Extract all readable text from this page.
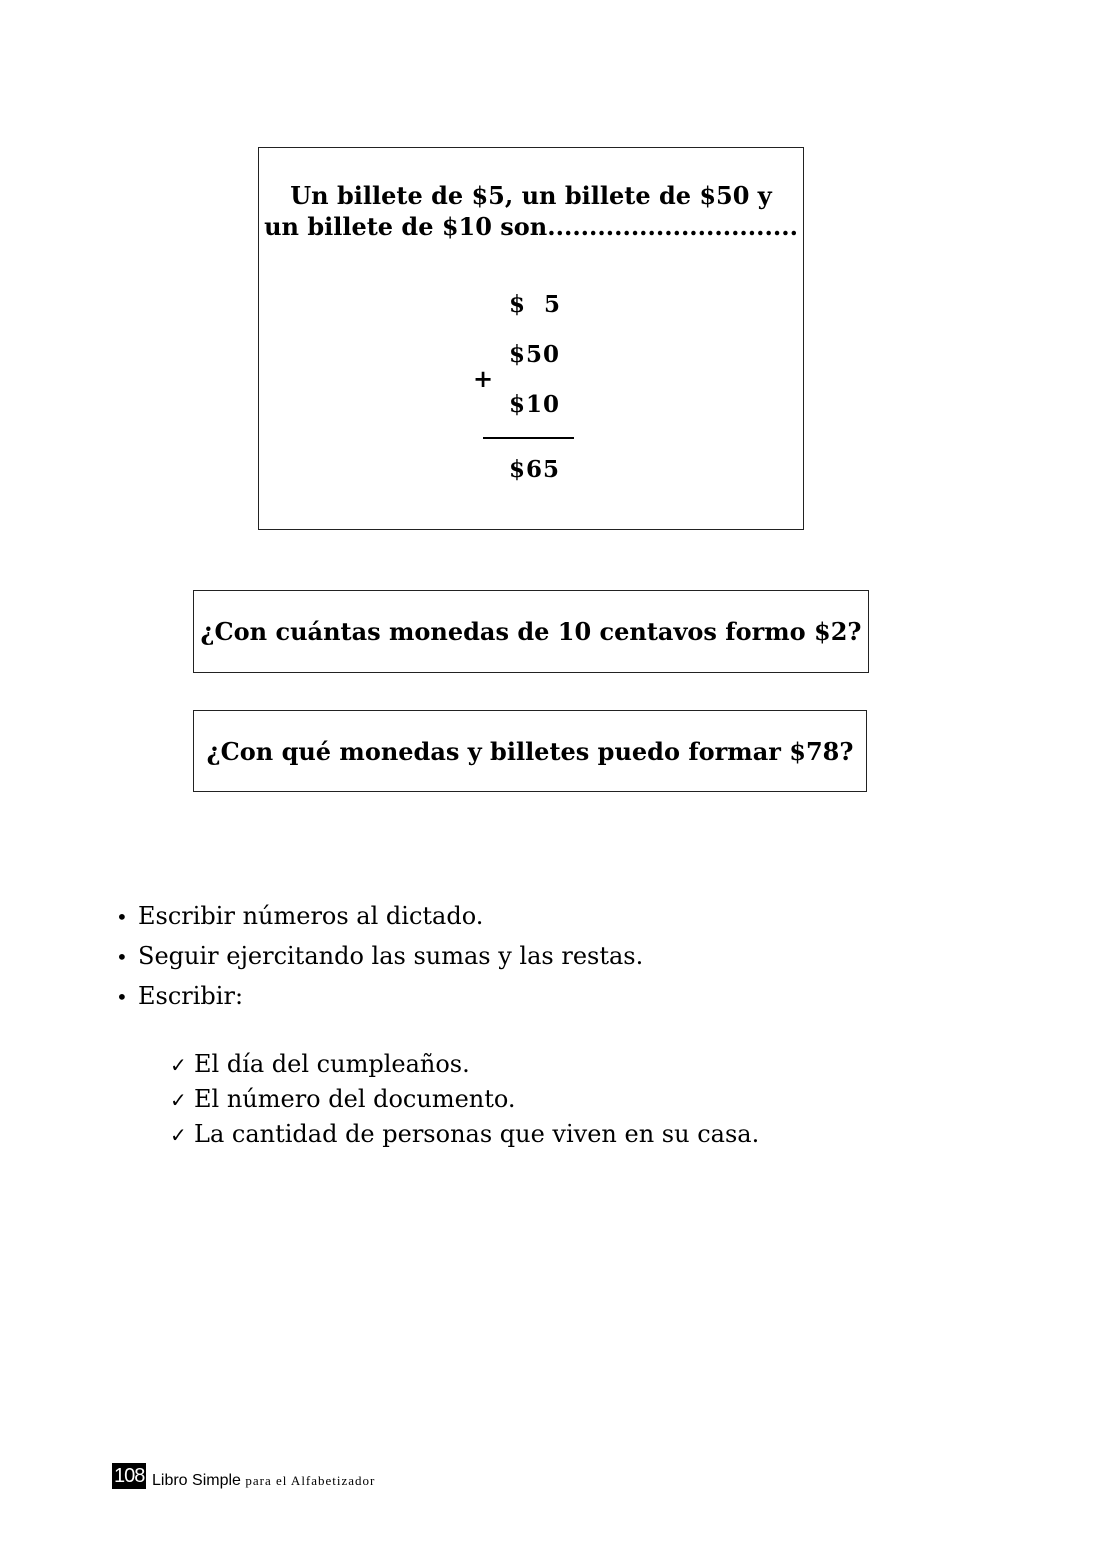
Un billete de $5, un billete de $50 y
un billete de $10 son..............................
$  5
$50
+
$10
$65
¿Con cuántas monedas de 10 centavos formo $2?
¿Con qué monedas y billetes puedo formar $78?
• Escribir números al dictado.
• Seguir ejercitando las sumas y las restas.
• Escribir:
✓ El día del cumpleaños.
✓ El número del documento.
✓ La cantidad de personas que viven en su casa.
108 Libro Simple para el Alfabetizador
